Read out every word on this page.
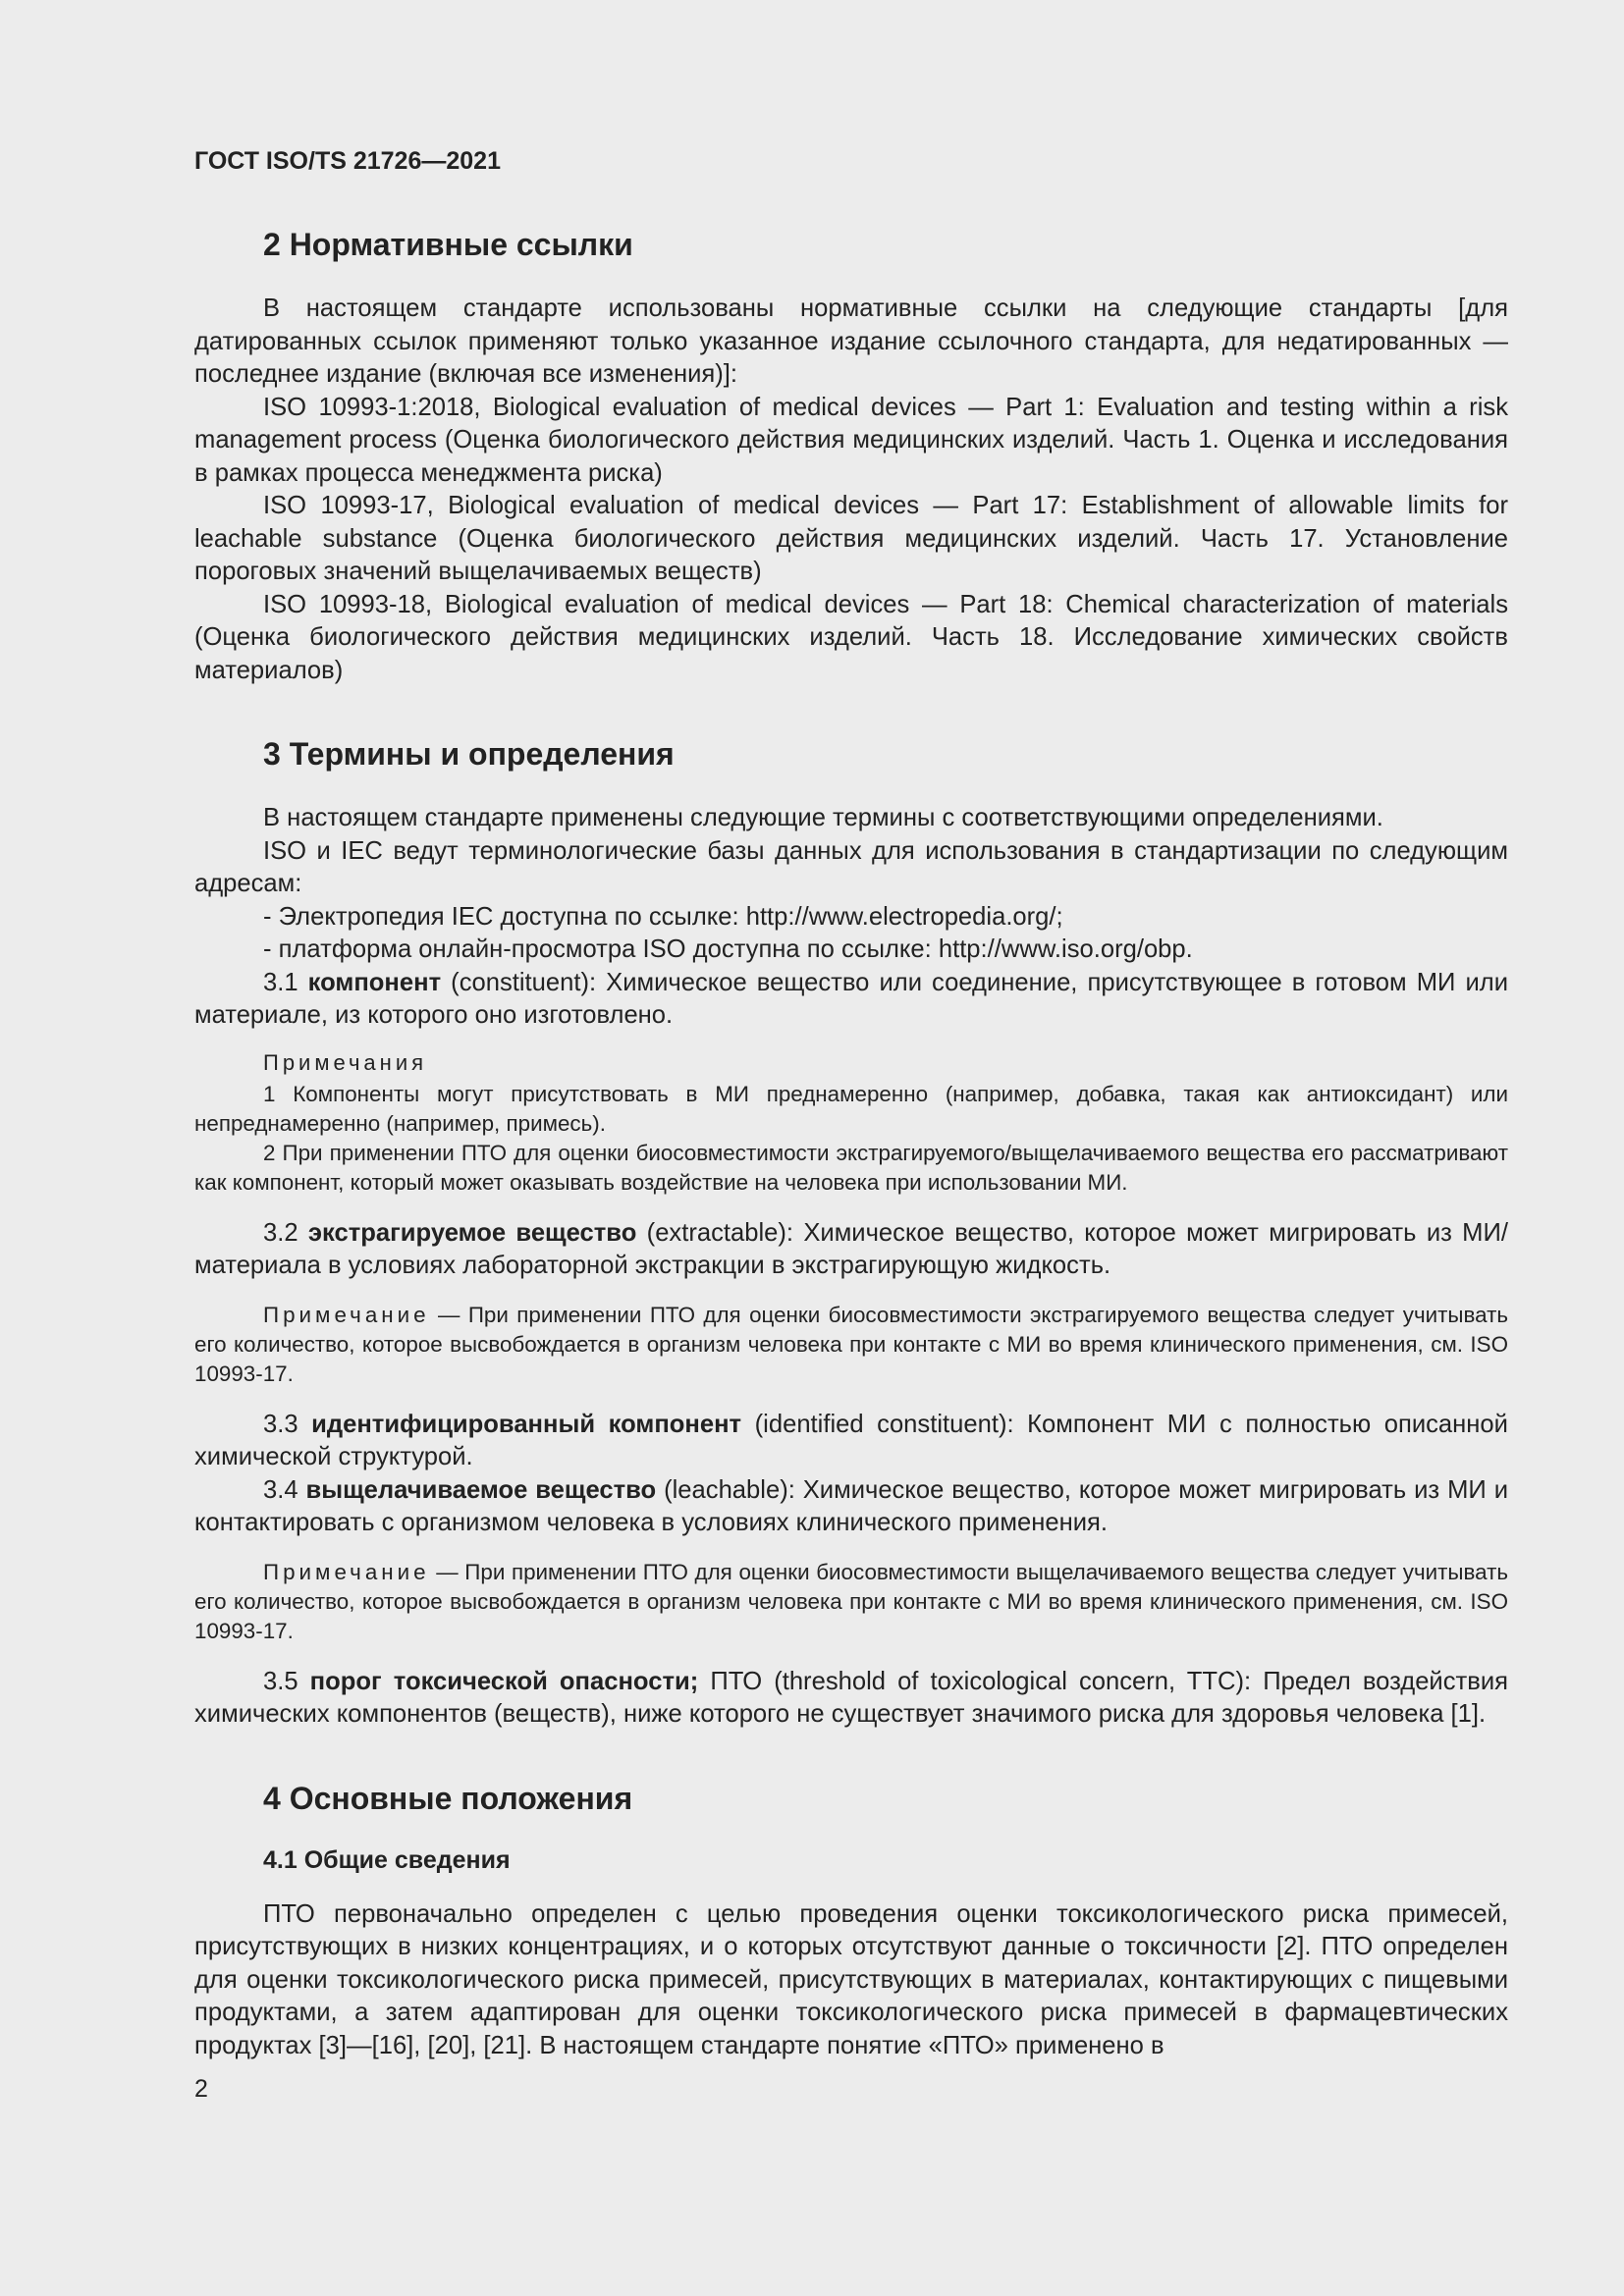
ГОСТ ISO/TS 21726—2021
2 Нормативные ссылки

В настоящем стандарте использованы нормативные ссылки на следующие стандарты [для датированных ссылок применяют только указанное издание ссылочного стандарта, для недатированных — последнее издание (включая все изменения)]:

ISO 10993-1:2018, Biological evaluation of medical devices — Part 1: Evaluation and testing within a risk management process (Оценка биологического действия медицинских изделий. Часть 1. Оценка и исследования в рамках процесса менеджмента риска)

ISO 10993-17, Biological evaluation of medical devices — Part 17: Establishment of allowable limits for leachable substance (Оценка биологического действия медицинских изделий. Часть 17. Установление пороговых значений выщелачиваемых веществ)

ISO 10993-18, Biological evaluation of medical devices — Part 18: Chemical characterization of materials (Оценка биологического действия медицинских изделий. Часть 18. Исследование химических свойств материалов)

3 Термины и определения

В настоящем стандарте применены следующие термины с соответствующими определениями.

ISO и IEC ведут терминологические базы данных для использования в стандартизации по следующим адресам:

- Электропедия IEC доступна по ссылке: http://www.electropedia.org/;

- платформа онлайн-просмотра ISO доступна по ссылке: http://www.iso.org/obp.

3.1 компонент (constituent): Химическое вещество или соединение, присутствующее в готовом МИ или материале, из которого оно изготовлено.

Примечания

1 Компоненты могут присутствовать в МИ преднамеренно (например, добавка, такая как антиоксидант) или непреднамеренно (например, примесь).

2 При применении ПТО для оценки биосовместимости экстрагируемого/выщелачиваемого вещества его рассматривают как компонент, который может оказывать воздействие на человека при использовании МИ.

3.2 экстрагируемое вещество (extractable): Химическое вещество, которое может мигрировать из МИ/материала в условиях лабораторной экстракции в экстрагирующую жидкость.

Примечание — При применении ПТО для оценки биосовместимости экстрагируемого вещества следует учитывать его количество, которое высвобождается в организм человека при контакте с МИ во время клинического применения, см. ISO 10993-17.

3.3 идентифицированный компонент (identified constituent): Компонент МИ с полностью описанной химической структурой.

3.4 выщелачиваемое вещество (leachable): Химическое вещество, которое может мигрировать из МИ и контактировать с организмом человека в условиях клинического применения.

Примечание — При применении ПТО для оценки биосовместимости выщелачиваемого вещества следует учитывать его количество, которое высвобождается в организм человека при контакте с МИ во время клинического применения, см. ISO 10993-17.

3.5 порог токсической опасности; ПТО (threshold of toxicological concern, TTC): Предел воздействия химических компонентов (веществ), ниже которого не существует значимого риска для здоровья человека [1].

4 Основные положения
4.1 Общие сведения

ПТО первоначально определен с целью проведения оценки токсикологического риска примесей, присутствующих в низких концентрациях, и о которых отсутствуют данные о токсичности [2]. ПТО определен для оценки токсикологического риска примесей, присутствующих в материалах, контактирующих с пищевыми продуктами, а затем адаптирован для оценки токсикологического риска примесей в фармацевтических продуктах [3]—[16], [20], [21]. В настоящем стандарте понятие «ПТО» применено в

2
